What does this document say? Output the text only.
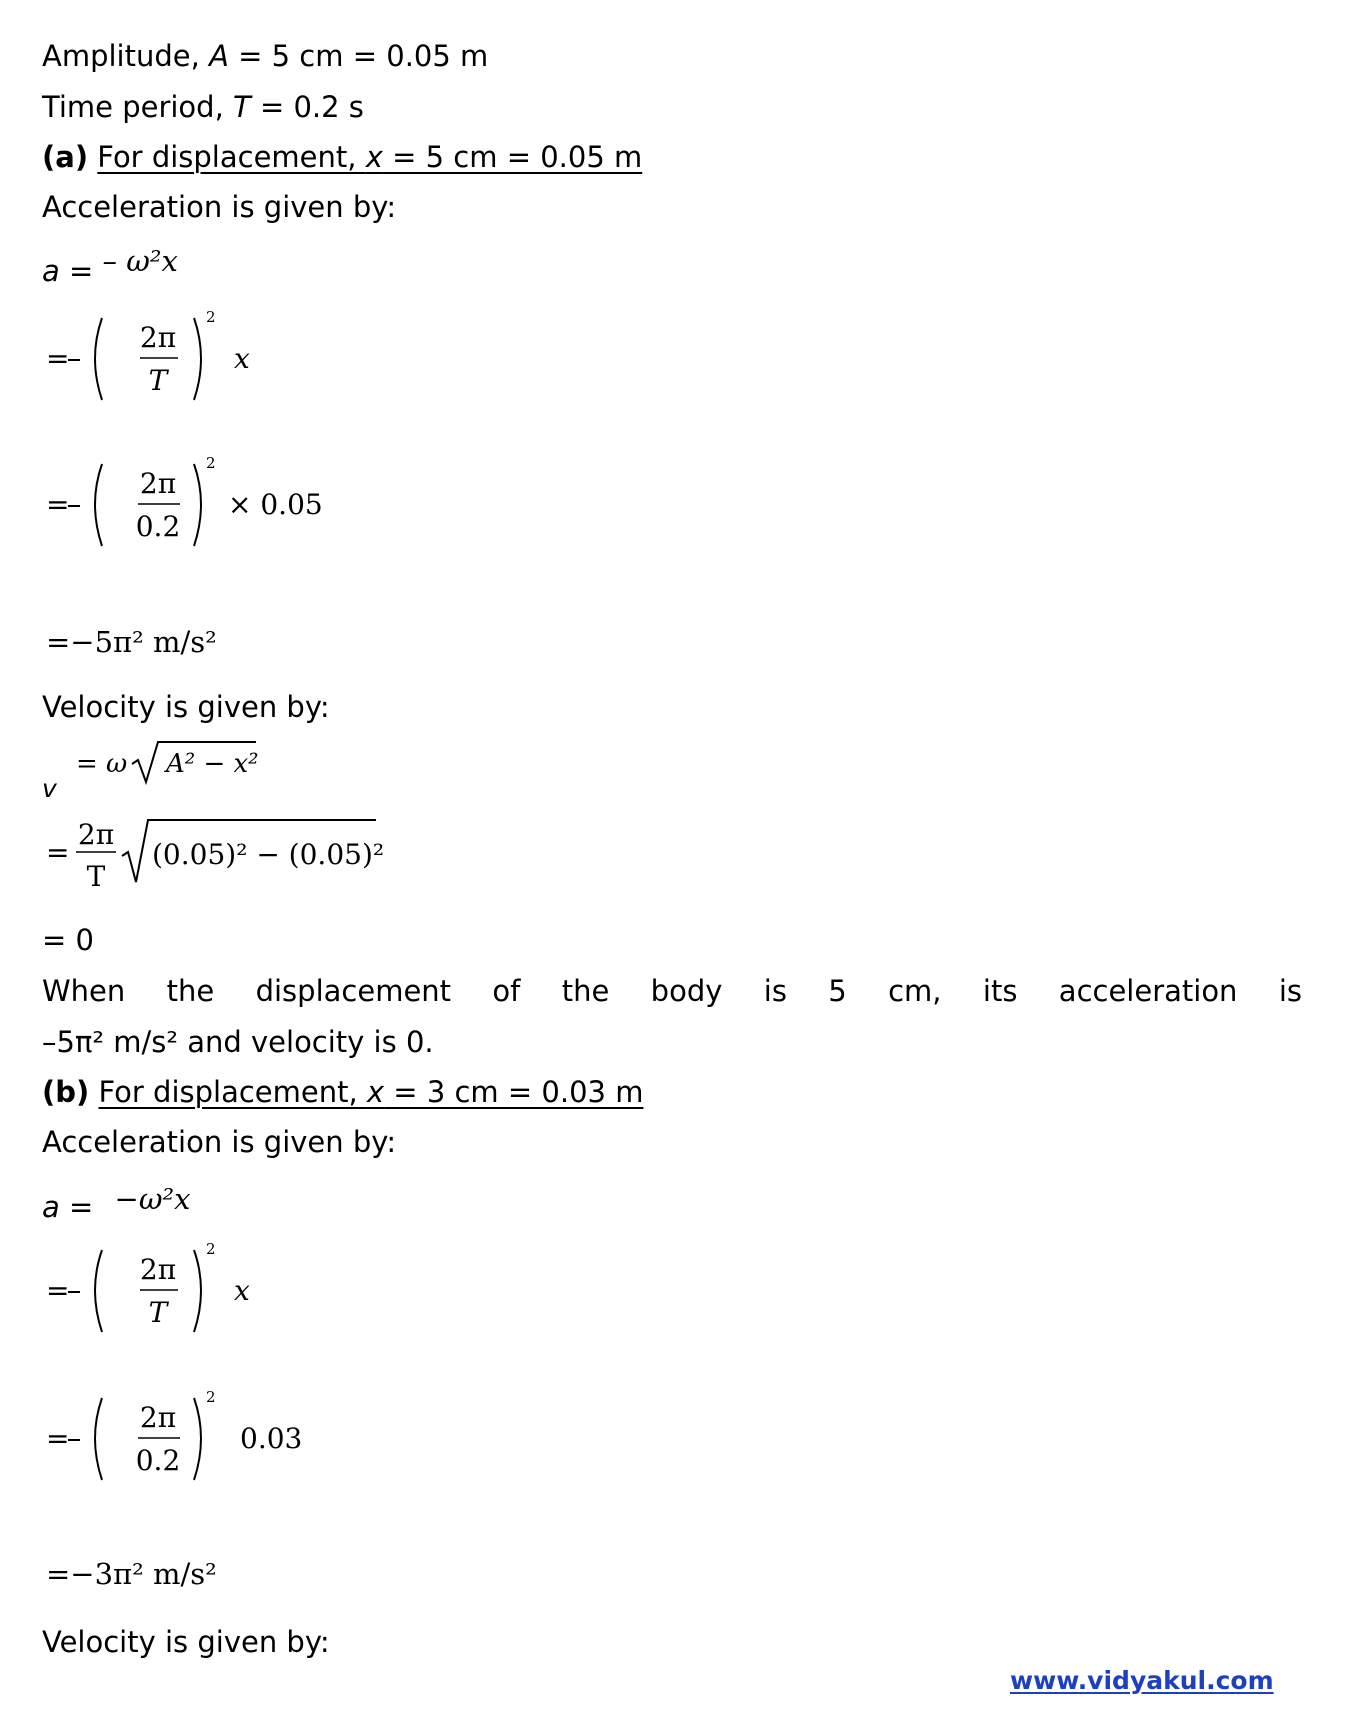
Amplitude, A = 5 cm = 0.05 m
Time period, T = 0.2 s
(a) For displacement, x = 5 cm = 0.05 m
Acceleration is given by:
a = – ω²x
=
2π
T
2
x
=
2π
0.2
2
× 0.05
=−5π² m/s²
Velocity is given by:
v
= ω A² − x²
=
2π
T
(0.05)² − (0.05)²
= 0
When the displacement of the body is 5 cm, its acceleration is
–5π² m/s² and velocity is 0.
(b) For displacement, x = 3 cm = 0.03 m
Acceleration is given by:
a = −ω²x
=
2π
T
2
x
=
2π
0.2
2
0.03
=−3π² m/s²
Velocity is given by:
www.vidyakul.com
